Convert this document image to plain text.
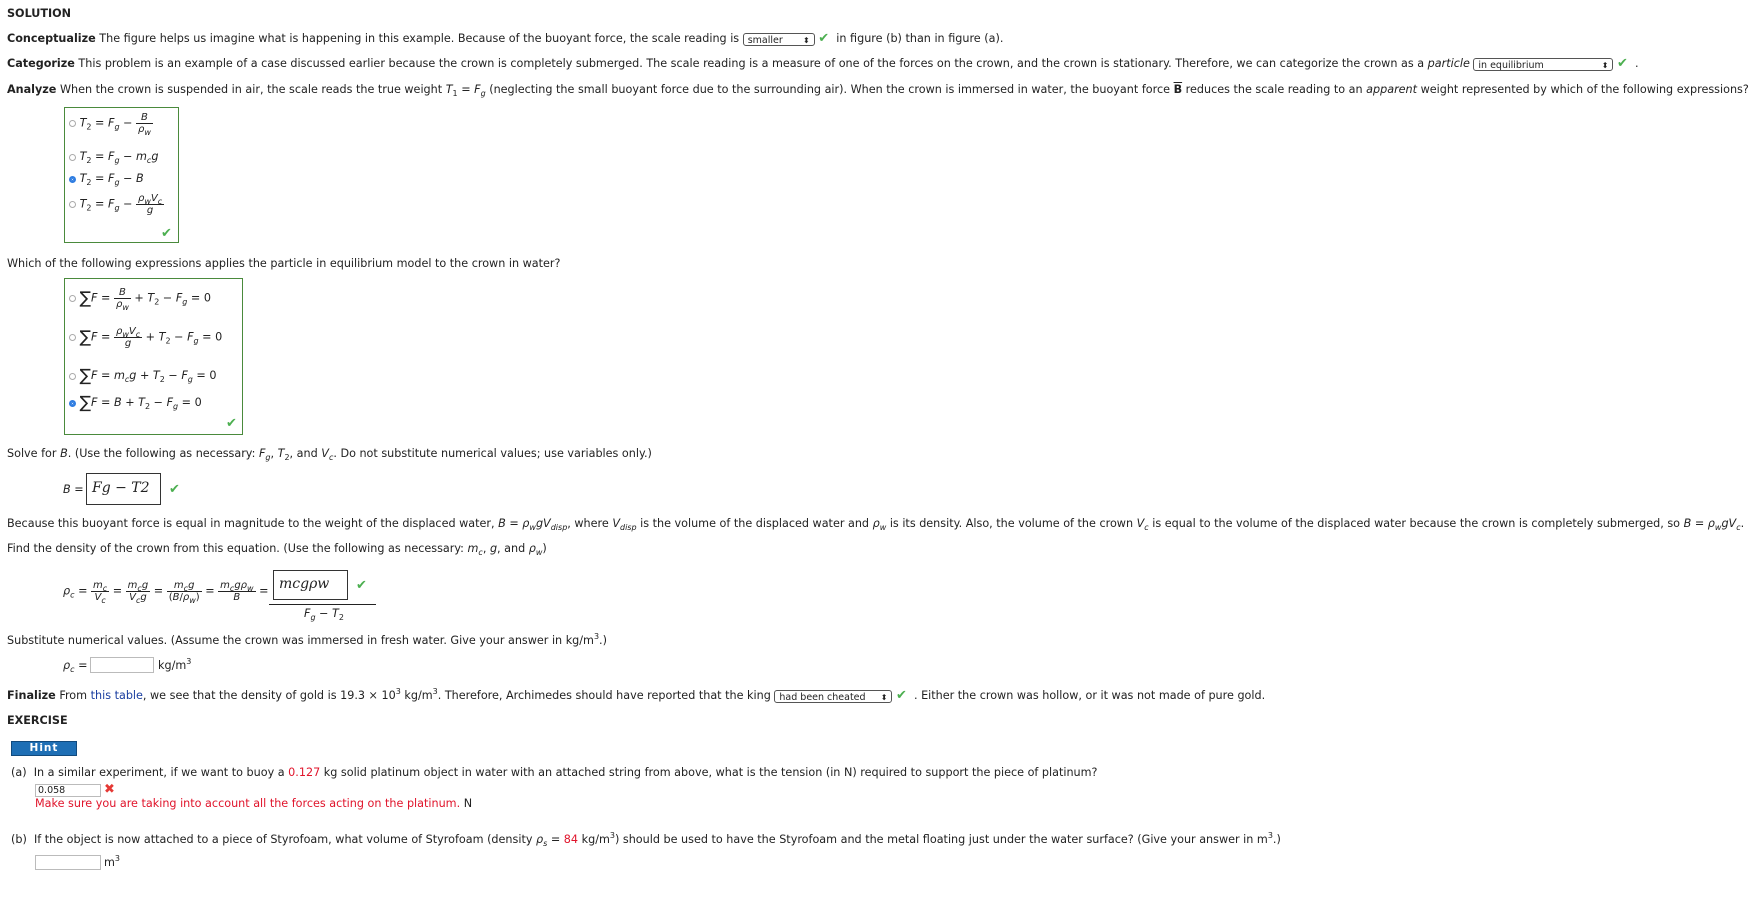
SOLUTION
Conceptualize The figure helps us imagine what is happening in this example. Because of the buoyant force, the scale reading is smaller	⬍ ✔ in figure (b) than in figure (a).
Categorize This problem is an example of a case discussed earlier because the crown is completely submerged. The scale reading is a measure of one of the forces on the crown, and the crown is stationary. Therefore, we can categorize the crown as a particle in equilibrium	⬍ ✔ .
Analyze When the crown is suspended in air, the scale reads the true weight $T_1 = F_g$ (neglecting the small buoyant force due to the surrounding air). When the crown is immersed in water, the buoyant force $\overline{B}$ reduces the scale reading to an apparent weight represented by which of the following expressions?
$T_2 = F_g - \frac{B}{\rho_w}$
$T_2 = F_g - m_cg$
$T_2 = F_g - B$
$T_2 = F_g - \frac{\rho_wV_c}{g}$
✔
Which of the following expressions applies the particle in equilibrium model to the crown in water?
$\sum F = \frac{B}{\rho_w} + T_2 - F_g = 0$
$\sum F = \frac{\rho_wV_c}{g} + T_2 - F_g = 0$
$\sum F = m_cg + T_2 - F_g = 0$
$\sum F = B + T_2 - F_g = 0$
✔
Solve for B. (Use the following as necessary: $F_g$, $T_2$, and $V_c$. Do not substitute numerical values; use variables only.)
B = Fg − T2 ✔
Because this buoyant force is equal in magnitude to the weight of the displaced water, $B = \rho_wgV_{disp}$, where $V_{disp}$ is the volume of the displaced water and $\rho_w$ is its density. Also, the volume of the crown $V_c$ is equal to the volume of the displaced water because the crown is completely submerged, so $B = \rho_wgV_c$.
Find the density of the crown from this equation. (Use the following as necessary: $m_c$, g, and $\rho_w$)
$\rho_c = \frac{m_c}{V_c} = \frac{m_cg}{V_cg} = \frac{m_cg}{(B/\rho_w)} = \frac{m_cg\rho_w}{B} = mcg\rho w$ ✔
$F_g - T_2$
Substitute numerical values. (Assume the crown was immersed in fresh water. Give your answer in $kg/m^3$.)
$\rho_c$ =	$kg/m^3$
Finalize From this table, we see that the density of gold is $19.3 \times 10^3$ $kg/m^3$. Therefore, Archimedes should have reported that the king had been cheated ⬍ ✔ . Either the crown was hollow, or it was not made of pure gold.
EXERCISE
Hint
(a) In a similar experiment, if we want to buoy a 0.127 kg solid platinum object in water with an attached string from above, what is the tension (in N) required to support the piece of platinum?
0.058	✖
Make sure you are taking into account all the forces acting on the platinum. N
(b) If the object is now attached to a piece of Styrofoam, what volume of Styrofoam (density $\rho_s = 84$ $kg/m^3$) should be used to have the Styrofoam and the metal floating just under the water surface? (Give your answer in $m^3$.)
$m^3$
